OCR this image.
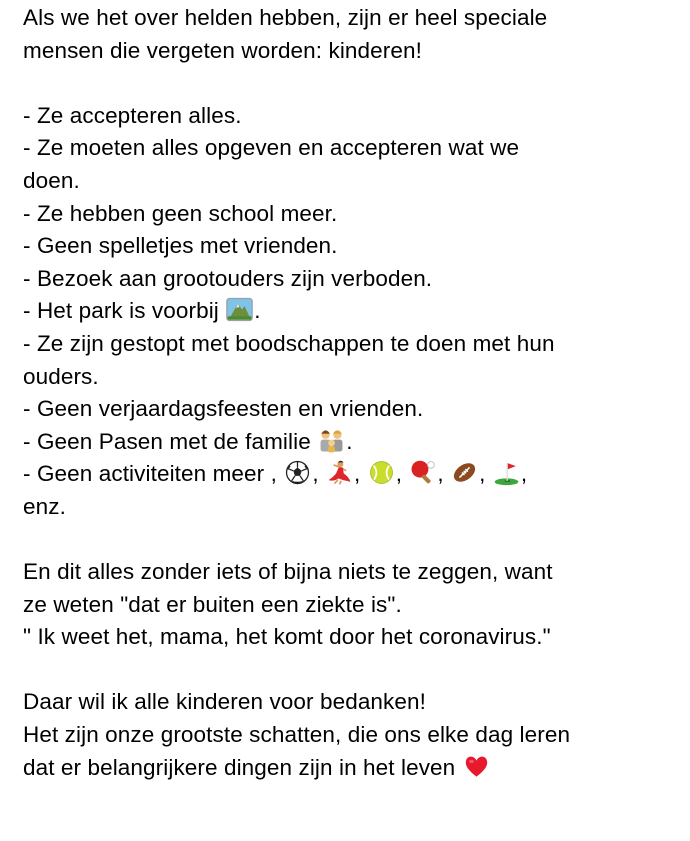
Als we het over helden hebben, zijn er heel speciale
mensen die vergeten worden: kinderen!
- Ze accepteren alles.
- Ze moeten alles opgeven en accepteren wat we
doen.
- Ze hebben geen school meer.
- Geen spelletjes met vrienden.
- Bezoek aan grootouders zijn verboden.
- Het park is voorbij
.
- Ze zijn gestopt met boodschappen te doen met hun
ouders.
- Geen verjaardagsfeesten en vrienden.
- Geen Pasen met de familie
.
- Geen activiteiten meer ,
,
,
,
,
,
,
enz.
En dit alles zonder iets of bijna niets te zeggen, want
ze weten "dat er buiten een ziekte is".
" Ik weet het, mama, het komt door het coronavirus."
Daar wil ik alle kinderen voor bedanken!
Het zijn onze grootste schatten, die ons elke dag leren
dat er belangrijkere dingen zijn in het leven
